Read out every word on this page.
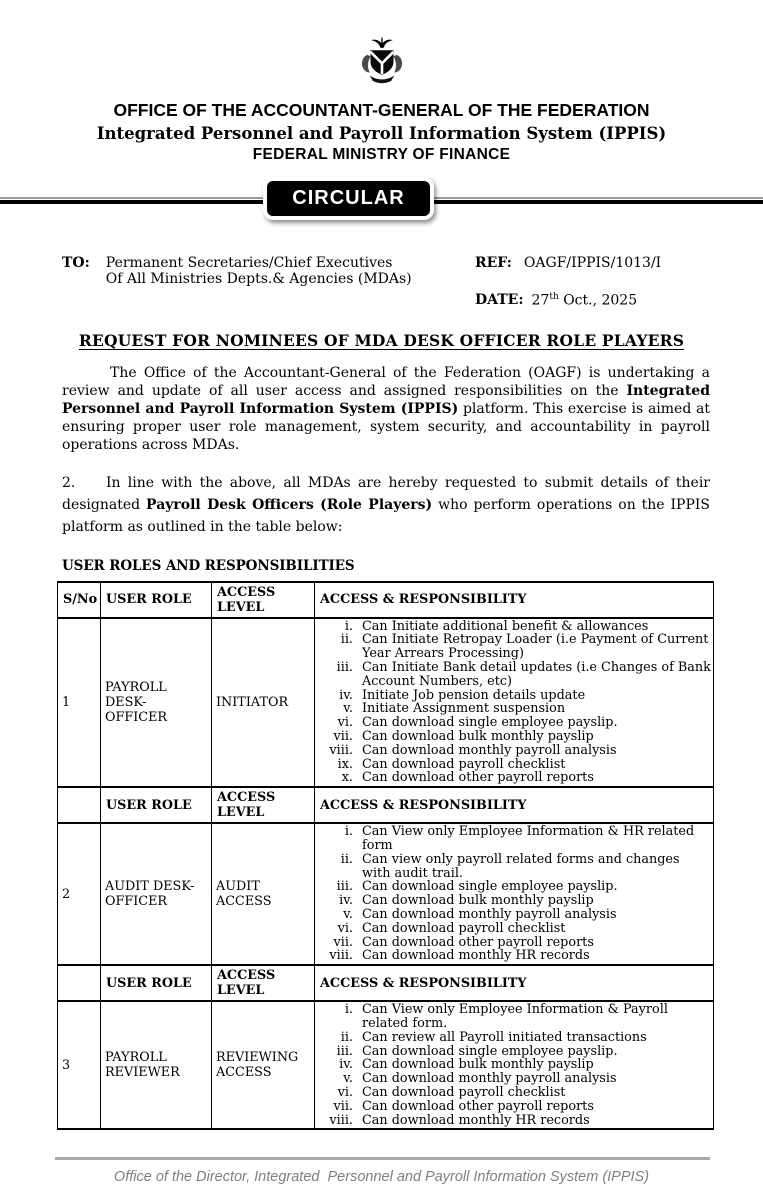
OFFICE OF THE ACCOUNTANT-GENERAL OF THE FEDERATION
Integrated Personnel and Payroll Information System (IPPIS)
FEDERAL MINISTRY OF FINANCE
CIRCULAR
TO: Permanent Secretaries/Chief Executives
Of All Ministries Depts.& Agencies (MDAs)
REF: OAGF/IPPIS/1013/I
DATE: 27th Oct., 2025
REQUEST FOR NOMINEES OF MDA DESK OFFICER ROLE PLAYERS

The Office of the Accountant-General of the Federation (OAGF) is undertaking a review and update of all user access and assigned responsibilities on the Integrated Personnel and Payroll Information System (IPPIS) platform. This exercise is aimed at ensuring proper user role management, system security, and accountability in payroll operations across MDAs.

2. In line with the above, all MDAs are hereby requested to submit details of their designated Payroll Desk Officers (Role Players) who perform operations on the IPPIS platform as outlined in the table below:

USER ROLES AND RESPONSIBILITIES
S/No	USER ROLE	ACCESS LEVEL	ACCESS & RESPONSIBILITY
1	PAYROLL DESK-OFFICER	INITIATOR	
i. Can Initiate additional benefit & allowances
ii. Can Initiate Retropay Loader (i.e Payment of Current Year Arrears Processing)
iii. Can Initiate Bank detail updates (i.e Changes of Bank Account Numbers, etc)
iv. Initiate Job pension details update
v. Initiate Assignment suspension
vi. Can download single employee payslip.
vii. Can download bulk monthly payslip
viii. Can download monthly payroll analysis
ix. Can download payroll checklist
x. Can download other payroll reports

	USER ROLE	ACCESS LEVEL	ACCESS & RESPONSIBILITY
2	AUDIT DESK-OFFICER	AUDIT ACCESS	
i. Can View only Employee Information & HR related form
ii. Can view only payroll related forms and changes with audit trail.
iii. Can download single employee payslip.
iv. Can download bulk monthly payslip
v. Can download monthly payroll analysis
vi. Can download payroll checklist
vii. Can download other payroll reports
viii. Can download monthly HR records

	USER ROLE	ACCESS LEVEL	ACCESS & RESPONSIBILITY
3	PAYROLL REVIEWER	REVIEWING ACCESS	
i. Can View only Employee Information & Payroll related form.
ii. Can review all Payroll initiated transactions
iii. Can download single employee payslip.
iv. Can download bulk monthly payslip
v. Can download monthly payroll analysis
vi. Can download payroll checklist
vii. Can download other payroll reports
viii. Can download monthly HR records
Office of the Director, Integrated  Personnel and Payroll Information System (IPPIS)
